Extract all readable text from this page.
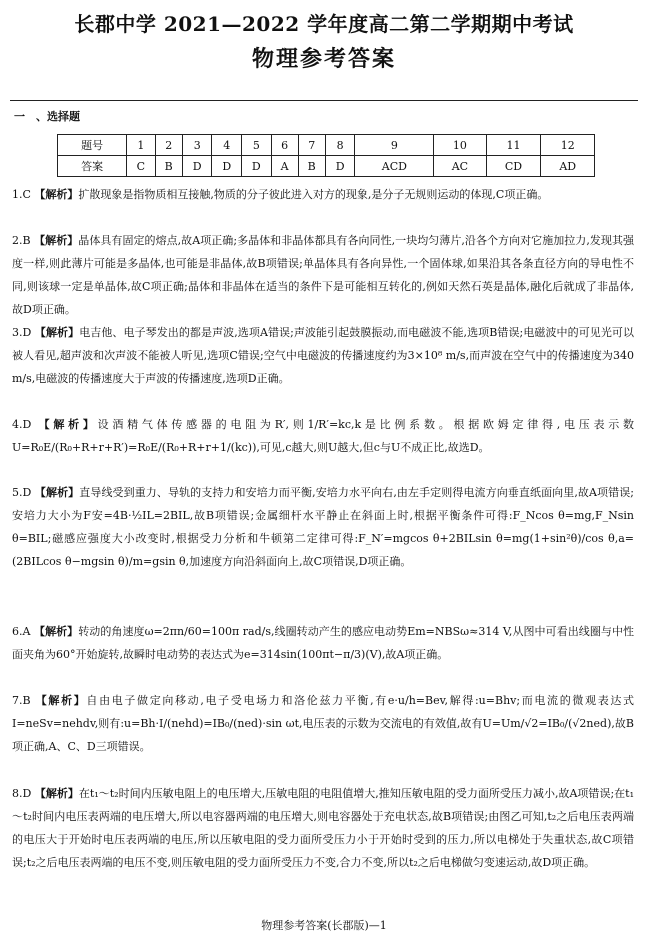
长郡中学 2021—2022 学年度高二第二学期期中考试
物理参考答案
一　、选择题
题号	1	2	3	4	5	6	7	8	9	10	11	12
答案	C	B	D	D	D	A	B	D	ACD	AC	CD	AD
1.C 【解析】扩散现象是指物质相互接触,物质的分子彼此进入对方的现象,是分子无规则运动的体现,C项正确。
2.B 【解析】晶体具有固定的熔点,故A项正确;多晶体和非晶体都具有各向同性,一块均匀薄片,沿各个方向对它施加拉力,发现其强度一样,则此薄片可能是多晶体,也可能是非晶体,故B项错误;单晶体具有各向异性,一个固体球,如果沿其各条直径方向的导电性不同,则该球一定是单晶体,故C项正确;晶体和非晶体在适当的条件下是可能相互转化的,例如天然石英是晶体,融化后就成了非晶体,故D项正确。
3.D 【解析】电吉他、电子琴发出的都是声波,选项A错误;声波能引起鼓膜振动,而电磁波不能,选项B错误;电磁波中的可见光可以被人看见,超声波和次声波不能被人听见,选项C错误;空气中电磁波的传播速度约为3×10⁸ m/s,而声波在空气中的传播速度为340 m/s,电磁波的传播速度大于声波的传播速度,选项D正确。
4.D 【解析】设酒精气体传感器的电阻为R′,则1/R′=kc,k是比例系数。根据欧姆定律得,电压表示数U=R₀E/(R₀+R+r+R′)=R₀E/(R₀+R+r+1/(kc)),可见,c越大,则U越大,但c与U不成正比,故选D。
5.D 【解析】直导线受到重力、导轨的支持力和安培力而平衡,安培力水平向右,由左手定则得电流方向垂直纸面向里,故A项错误;安培力大小为F安=4B·½IL=2BIL,故B项错误;金属细杆水平静止在斜面上时,根据平衡条件可得:F_Ncos θ=mg,F_Nsin θ=BIL;磁感应强度大小改变时,根据受力分析和牛顿第二定律可得:F_N′=mgcos θ+2BILsin θ=mg(1+sin²θ)/cos θ,a=(2BILcos θ−mgsin θ)/m=gsin θ,加速度方向沿斜面向上,故C项错误,D项正确。
6.A 【解析】转动的角速度ω=2πn/60=100π rad/s,线圈转动产生的感应电动势Em=NBSω≈314 V,从图中可看出线圈与中性面夹角为60°开始旋转,故瞬时电动势的表达式为e=314sin(100πt−π/3)(V),故A项正确。
7.B 【解析】自由电子做定向移动,电子受电场力和洛伦兹力平衡,有e·u/h=Bev,解得:u=Bhv;而电流的微观表达式I=neSv=nehdv,则有:u=Bh·I/(nehd)=IB₀/(ned)·sin ωt,电压表的示数为交流电的有效值,故有U=Um/√2=IB₀/(√2ned),故B项正确,A、C、D三项错误。
8.D 【解析】在t₁～t₂时间内压敏电阻上的电压增大,压敏电阻的电阻值增大,推知压敏电阻的受力面所受压力减小,故A项错误;在t₁～t₂时间内电压表两端的电压增大,所以电容器两端的电压增大,则电容器处于充电状态,故B项错误;由图乙可知,t₂之后电压表两端的电压大于开始时电压表两端的电压,所以压敏电阻的受力面所受压力小于开始时受到的压力,所以电梯处于失重状态,故C项错误;t₂之后电压表两端的电压不变,则压敏电阻的受力面所受压力不变,合力不变,所以t₂之后电梯做匀变速运动,故D项正确。
物理参考答案(长郡版)—1
